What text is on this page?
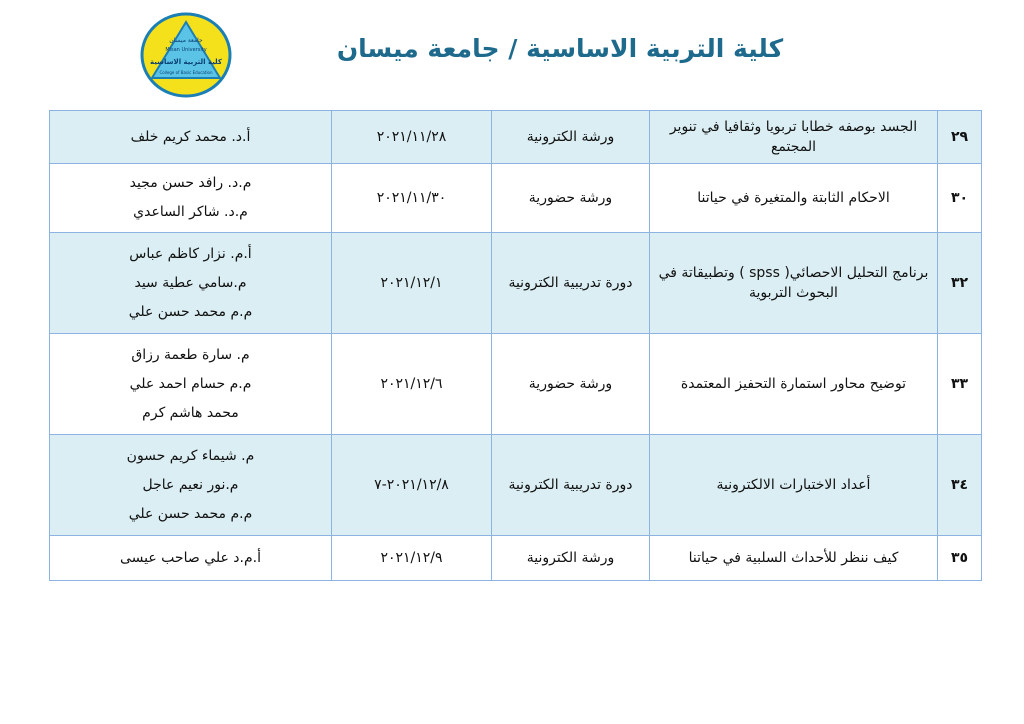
جامعة ميسان
Misan University
كلية التربية الاساسية
College of Basic Education
كلية التربية الاساسية / جامعة ميسان
٢٩	الجسد بوصفه خطابا تربويا وثقافيا في تنوير المجتمع	ورشة الكترونية	٢٠٢١/١١/٢٨	أ.د. محمد كريم خلف

٣٠	الاحكام الثابتة والمتغيرة في حياتنا	ورشة حضورية	٢٠٢١/١١/٣٠	م.د. رافد حسن مجيد
م.د. شاكر الساعدي

٣٢	برنامج التحليل الاحصائي( spss ) وتطبيقاتة في البحوث التربوية	دورة تدريبية الكترونية	٢٠٢١/١٢/١	أ.م. نزار كاظم عباس
م.سامي عطية سيد
م.م محمد حسن علي

٣٣	توضيح محاور استمارة التحفيز المعتمدة	ورشة حضورية	٢٠٢١/١٢/٦	م. سارة طعمة رزاق
م.م حسام احمد علي
محمد هاشم كرم

٣٤	أعداد الاختبارات الالكترونية	دورة تدريبية الكترونية	٢٠٢١/١٢/٨-٧	م. شيماء كريم حسون
م.نور نعيم عاجل
م.م محمد حسن علي

٣٥	كيف ننظر للأحداث السلبية في حياتنا	ورشة الكترونية	٢٠٢١/١٢/٩	أ.م.د علي صاحب عيسى
